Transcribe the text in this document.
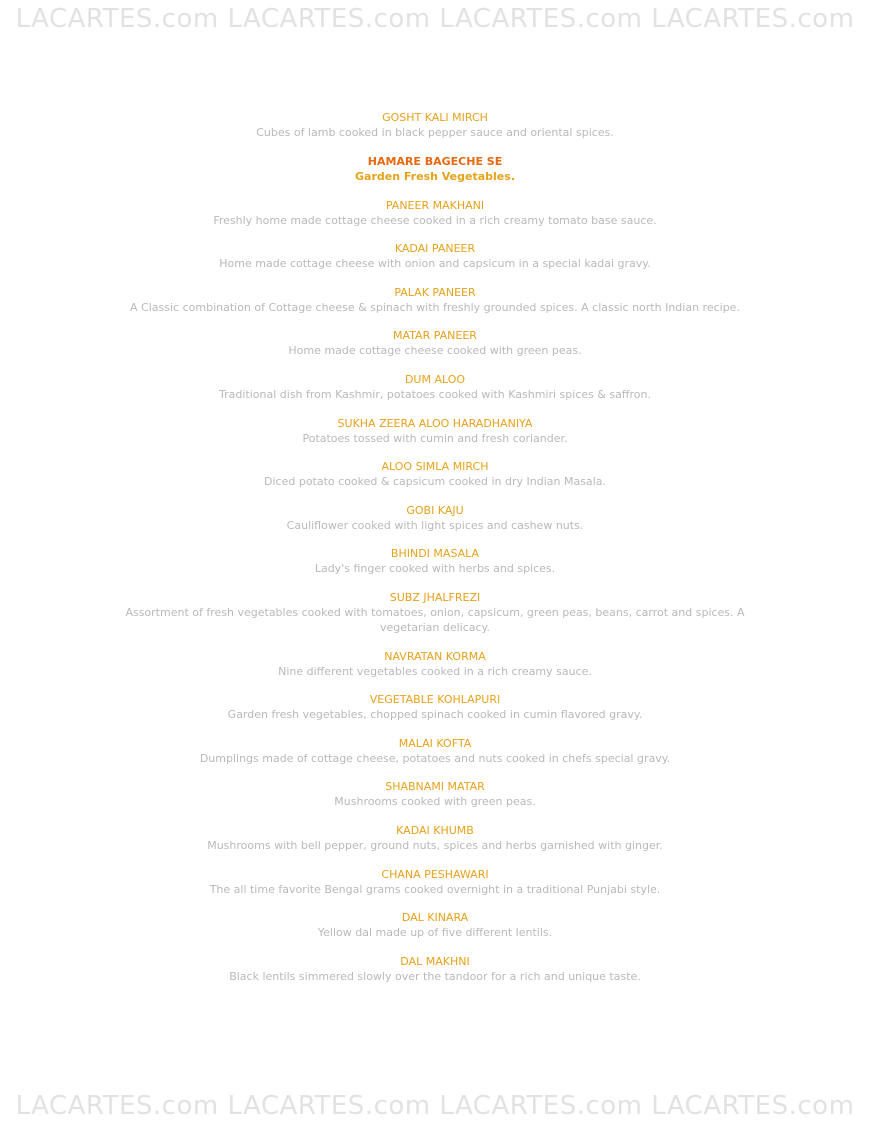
LACARTES.com LACARTES.com LACARTES.com LACARTES.com
GOSHT KALI MIRCH
Cubes of lamb cooked in black pepper sauce and oriental spices.
HAMARE BAGECHE SE
Garden Fresh Vegetables.
PANEER MAKHANI
Freshly home made cottage cheese cooked in a rich creamy tomato base sauce.
KADAI PANEER
Home made cottage cheese with onion and capsicum in a special kadai gravy.
PALAK PANEER
A Classic combination of Cottage cheese & spinach with freshly grounded spices. A classic north Indian recipe.
MATAR PANEER
Home made cottage cheese cooked with green peas.
DUM ALOO
Traditional dish from Kashmir, potatoes cooked with Kashmiri spices & saffron.
SUKHA ZEERA ALOO HARADHANIYA
Potatoes tossed with cumin and fresh coriander.
ALOO SIMLA MIRCH
Diced potato cooked & capsicum cooked in dry Indian Masala.
GOBI KAJU
Cauliflower cooked with light spices and cashew nuts.
BHINDI MASALA
Lady's finger cooked with herbs and spices.
SUBZ JHALFREZI
Assortment of fresh vegetables cooked with tomatoes, onion, capsicum, green peas, beans, carrot and spices. A vegetarian delicacy.
NAVRATAN KORMA
Nine different vegetables cooked in a rich creamy sauce.
VEGETABLE KOHLAPURI
Garden fresh vegetables, chopped spinach cooked in cumin flavored gravy.
MALAI KOFTA
Dumplings made of cottage cheese, potatoes and nuts cooked in chefs special gravy.
SHABNAMI MATAR
Mushrooms cooked with green peas.
KADAI KHUMB
Mushrooms with bell pepper, ground nuts, spices and herbs garnished with ginger.
CHANA PESHAWARI
The all time favorite Bengal grams cooked overnight in a traditional Punjabi style.
DAL KINARA
Yellow dal made up of five different lentils.
DAL MAKHNI
Black lentils simmered slowly over the tandoor for a rich and unique taste.
LACARTES.com LACARTES.com LACARTES.com LACARTES.com
